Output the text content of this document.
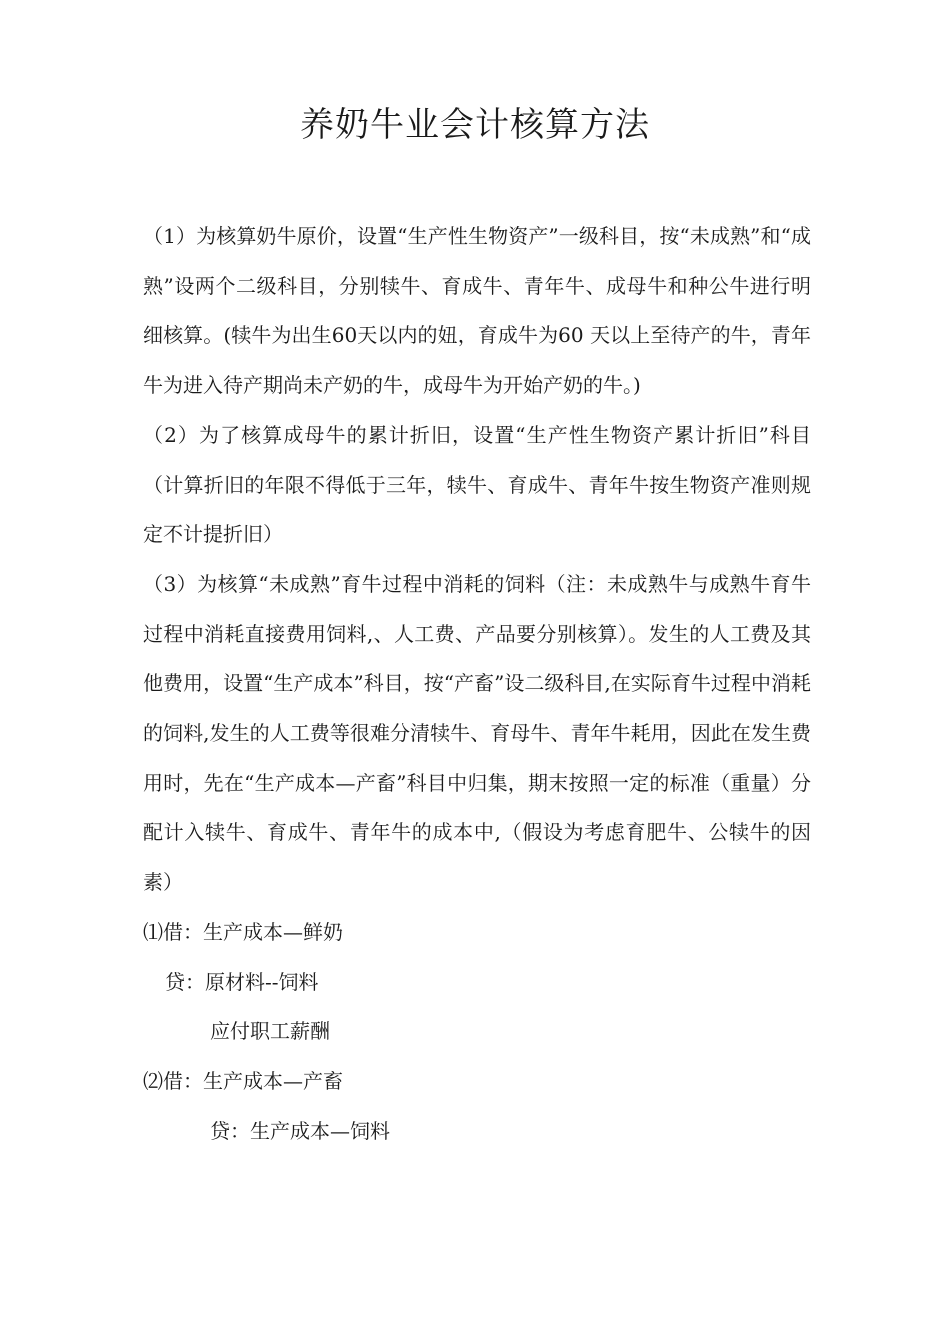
养奶牛业会计核算方法

（1）为核算奶牛原价，设置“生产性生物资产”一级科目，按“未成熟”和“成熟”设两个二级科目，分别犊牛、育成牛、青年牛、成母牛和种公牛进行明细核算。(犊牛为出生60天以内的妞，育成牛为60 天以上至待产的牛，青年牛为进入待产期尚未产奶的牛，成母牛为开始产奶的牛。)

（2）为了核算成母牛的累计折旧，设置“生产性生物资产累计折旧”科目（计算折旧的年限不得低于三年，犊牛、育成牛、青年牛按生物资产准则规定不计提折旧）

（3）为核算“未成熟”育牛过程中消耗的饲料（注：未成熟牛与成熟牛育牛过程中消耗直接费用饲料,、人工费、产品要分别核算）。发生的人工费及其他费用，设置“生产成本”科目，按“产畜”设二级科目,在实际育牛过程中消耗的饲料,发生的人工费等很难分清犊牛、育母牛、青年牛耗用，因此在发生费用时，先在“生产成本—产畜”科目中归集，期末按照一定的标准（重量）分配计入犊牛、育成牛、青年牛的成本中,（假设为考虑育肥牛、公犊牛的因素）

⑴借：生产成本—鲜奶

贷：原材料--饲料

应付职工薪酬

⑵借：生产成本—产畜

贷：生产成本—饲料
